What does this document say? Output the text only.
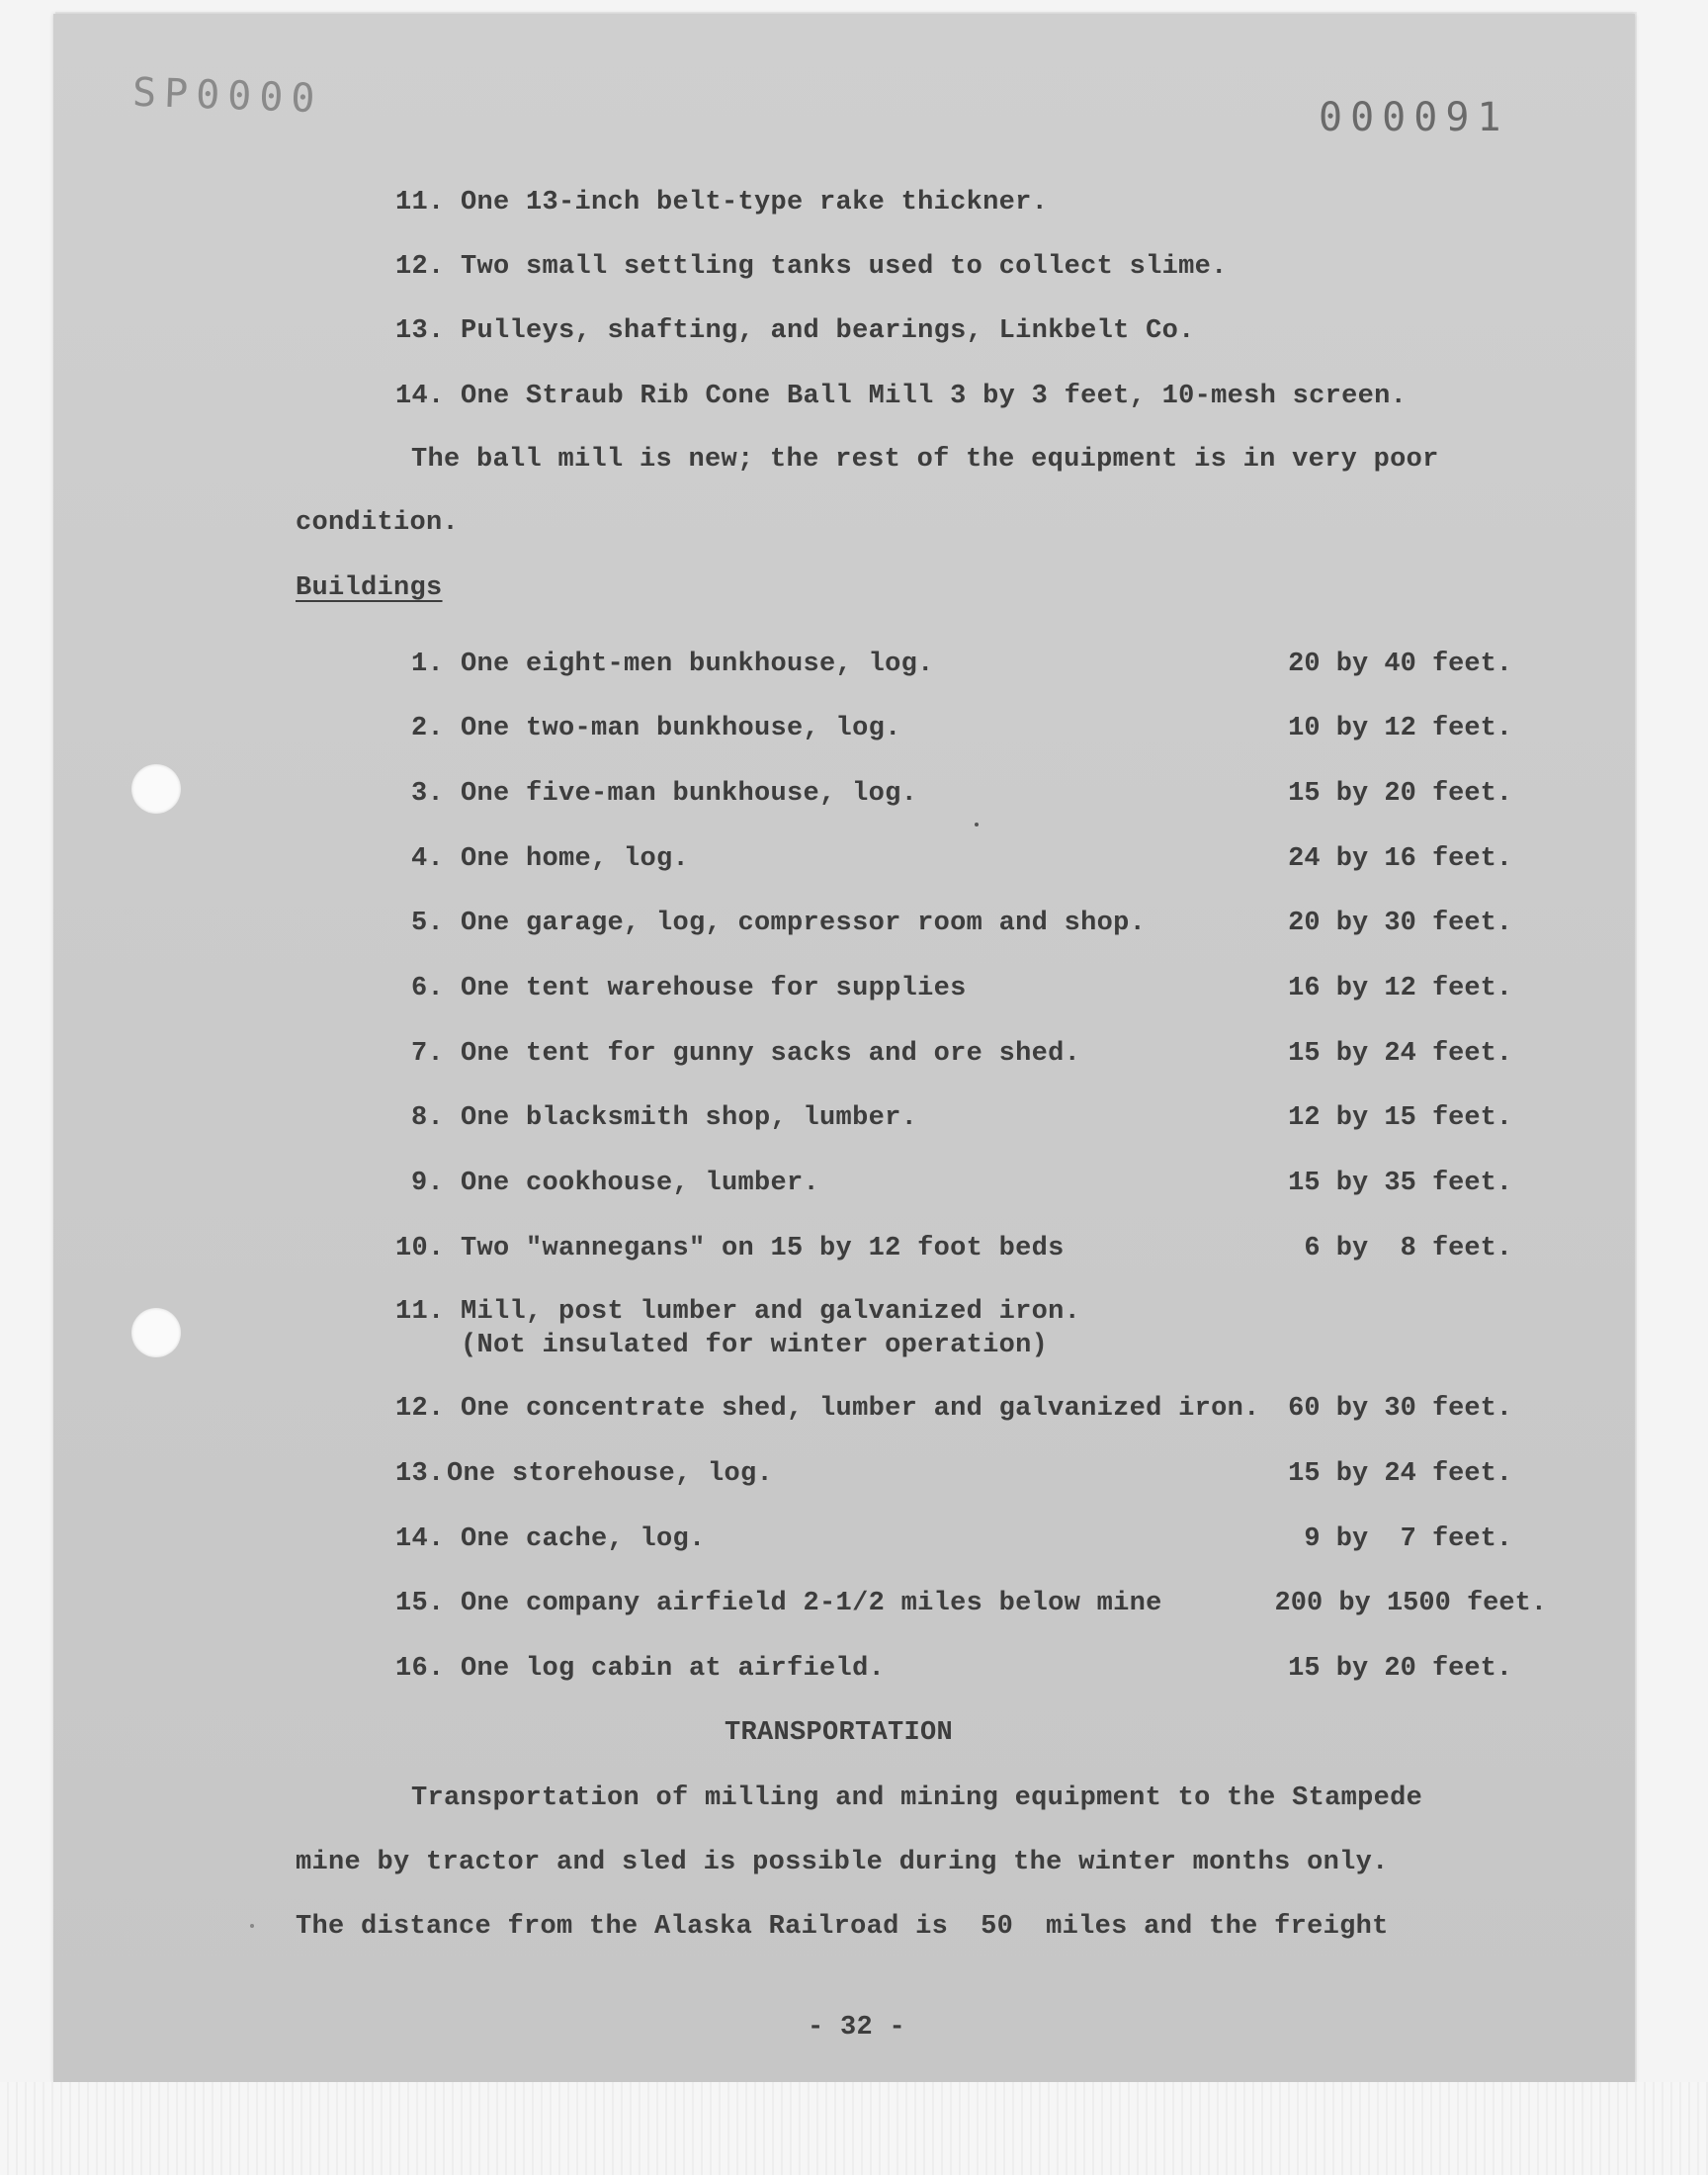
SP0000	000091
11. One 13-inch belt-type rake thickner.
12. Two small settling tanks used to collect slime.
13. Pulleys, shafting, and bearings, Linkbelt Co.
14. One Straub Rib Cone Ball Mill 3 by 3 feet, 10-mesh screen.
The ball mill is new; the rest of the equipment is in very poor
condition.
Buildings
1. One eight-men bunkhouse, log.	20 by 40 feet.
2. One two-man bunkhouse, log.	10 by 12 feet.
3. One five-man bunkhouse, log.	15 by 20 feet.
4. One home, log.	24 by 16 feet.
5. One garage, log, compressor room and shop.	20 by 30 feet.
6. One tent warehouse for supplies	16 by 12 feet.
7. One tent for gunny sacks and ore shed.	15 by 24 feet.
8. One blacksmith shop, lumber.	12 by 15 feet.
9. One cookhouse, lumber.	15 by 35 feet.
10. Two "wannegans" on 15 by 12 foot beds	6 by  8 feet.
11. Mill, post lumber and galvanized iron.
(Not insulated for winter operation)
12. One concentrate shed, lumber and galvanized iron.	60 by 30 feet.
13. One storehouse, log.	15 by 24 feet.
14. One cache, log.	9 by  7 feet.
15. One company airfield 2-1/2 miles below mine	200 by 1500 feet.
16. One log cabin at airfield.	15 by 20 feet.
TRANSPORTATION
Transportation of milling and mining equipment to the Stampede
mine by tractor and sled is possible during the winter months only.
The distance from the Alaska Railroad is  50  miles and the freight
- 32 -
